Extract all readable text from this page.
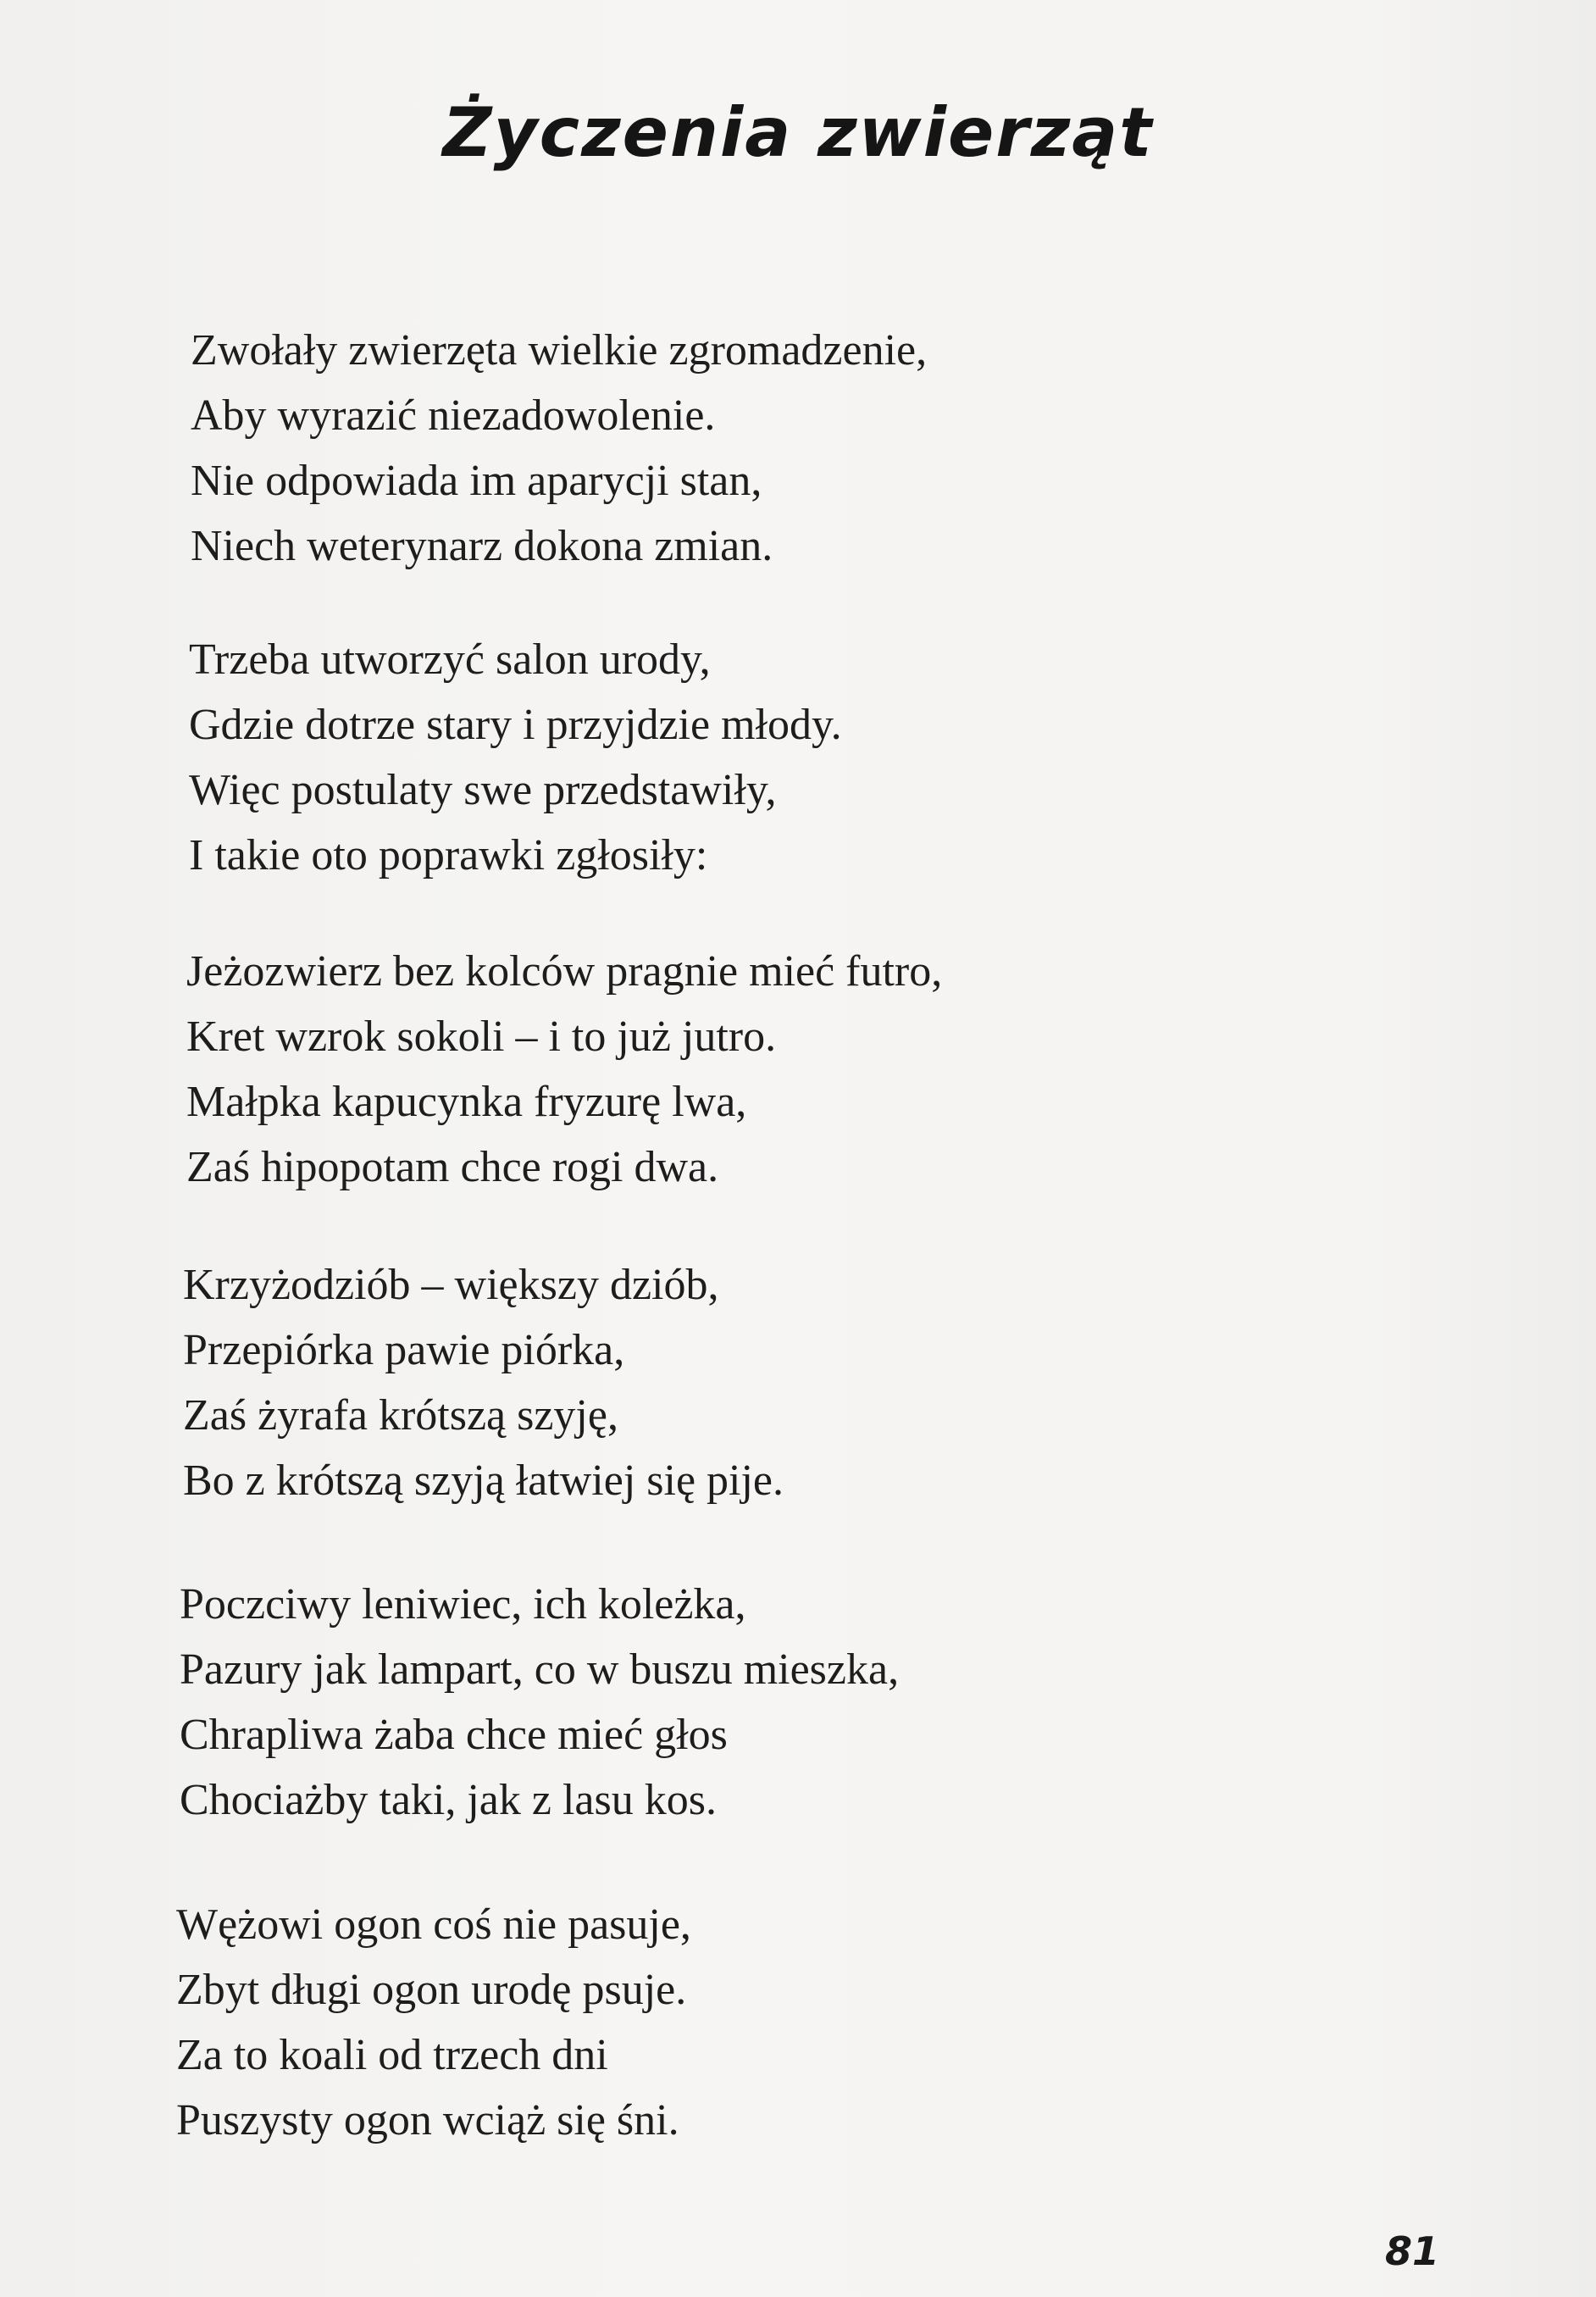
Życzenia zwierząt
Zwołały zwierzęta wielkie zgromadzenie,
Aby wyrazić niezadowolenie.
Nie odpowiada im aparycji stan,
Niech weterynarz dokona zmian.
Trzeba utworzyć salon urody,
Gdzie dotrze stary i przyjdzie młody.
Więc postulaty swe przedstawiły,
I takie oto poprawki zgłosiły:
Jeżozwierz bez kolców pragnie mieć futro,
Kret wzrok sokoli – i to już jutro.
Małpka kapucynka fryzurę lwa,
Zaś hipopotam chce rogi dwa.
Krzyżodziób – większy dziób,
Przepiórka pawie piórka,
Zaś żyrafa krótszą szyję,
Bo z krótszą szyją łatwiej się pije.
Poczciwy leniwiec, ich koleżka,
Pazury jak lampart, co w buszu mieszka,
Chrapliwa żaba chce mieć głos
Chociażby taki, jak z lasu kos.
Wężowi ogon coś nie pasuje,
Zbyt długi ogon urodę psuje.
Za to koali od trzech dni
Puszysty ogon wciąż się śni.
81
